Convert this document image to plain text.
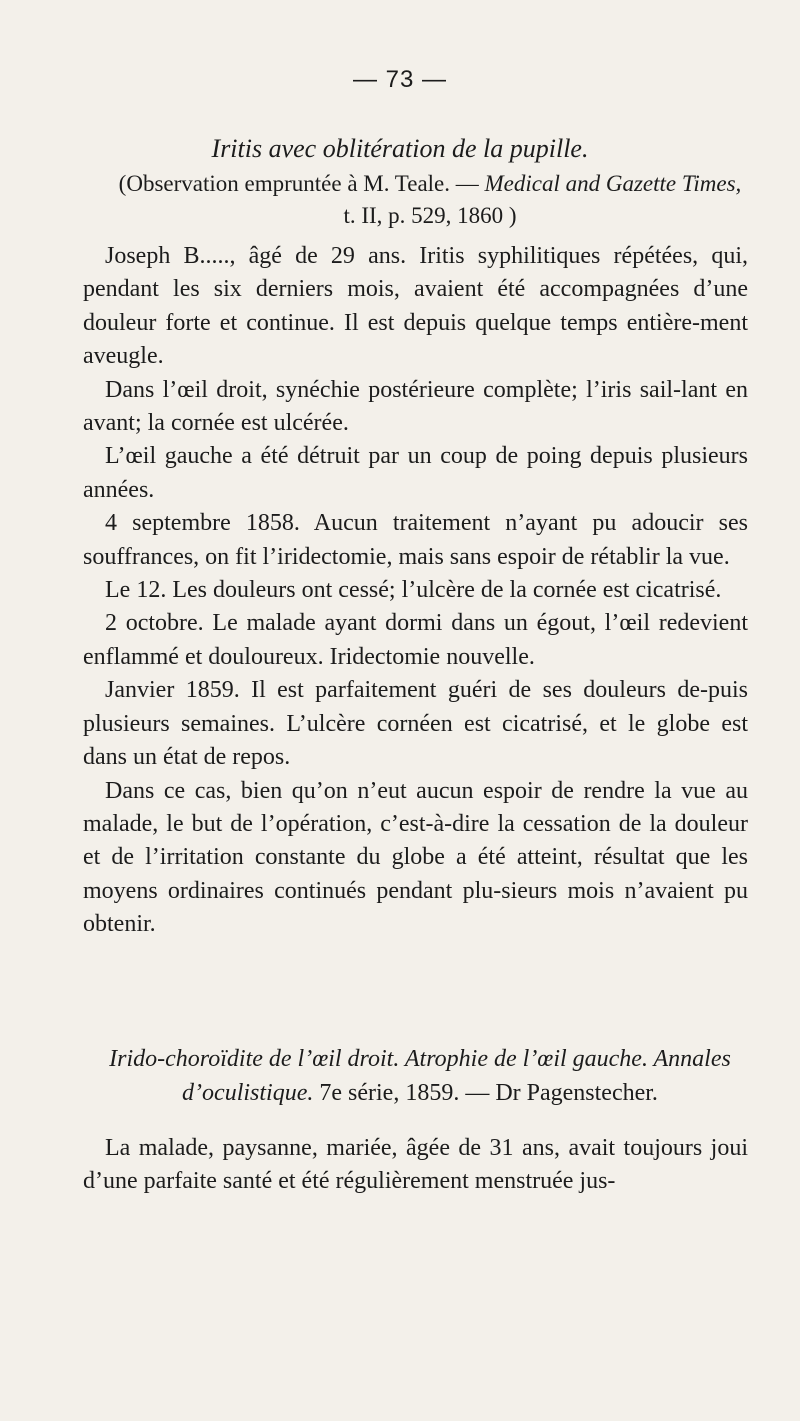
— 73 —
Iritis avec oblitération de la pupille.
(Observation empruntée à M. Teale. — Medical and Gazette Times,
t. II, p. 529, 1860 )

Joseph B....., âgé de 29 ans. Iritis syphilitiques répétées, qui, pendant les six derniers mois, avaient été accompagnées d’une douleur forte et continue. Il est depuis quelque temps entière-ment aveugle.

Dans l’œil droit, synéchie postérieure complète; l’iris sail-lant en avant; la cornée est ulcérée.

L’œil gauche a été détruit par un coup de poing depuis plusieurs années.

4 septembre 1858. Aucun traitement n’ayant pu adoucir ses souffrances, on fit l’iridectomie, mais sans espoir de rétablir la vue.

Le 12. Les douleurs ont cessé; l’ulcère de la cornée est cicatrisé.

2 octobre. Le malade ayant dormi dans un égout, l’œil redevient enflammé et douloureux. Iridectomie nouvelle.

Janvier 1859. Il est parfaitement guéri de ses douleurs de-puis plusieurs semaines. L’ulcère cornéen est cicatrisé, et le globe est dans un état de repos.

Dans ce cas, bien qu’on n’eut aucun espoir de rendre la vue au malade, le but de l’opération, c’est-à-dire la cessation de la douleur et de l’irritation constante du globe a été atteint, résultat que les moyens ordinaires continués pendant plu-sieurs mois n’avaient pu obtenir.

Irido-choroïdite de l’œil droit. Atrophie de l’œil gauche. Annales d’oculistique. 7e série, 1859. — Dr Pagenstecher.

La malade, paysanne, mariée, âgée de 31 ans, avait toujours joui d’une parfaite santé et été régulièrement menstruée jus-
